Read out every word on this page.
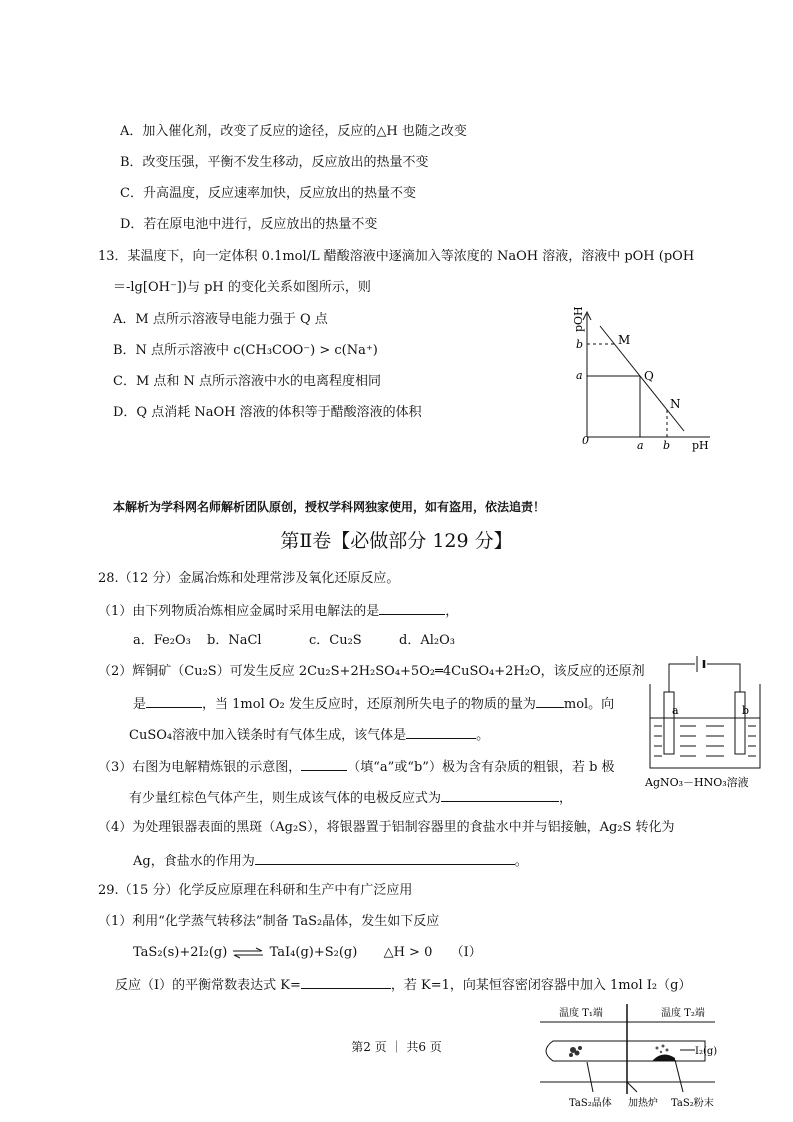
A．加入催化剂，改变了反应的途径，反应的△H 也随之改变
B．改变压强，平衡不发生移动，反应放出的热量不变
C．升高温度，反应速率加快，反应放出的热量不变
D．若在原电池中进行，反应放出的热量不变
13．某温度下，向一定体积 0.1mol/L 醋酸溶液中逐滴加入等浓度的 NaOH 溶液，溶液中 pOH (pOH
＝-lg[OH⁻])与 pH 的变化关系如图所示，则
A．M 点所示溶液导电能力强于 Q 点
B．N 点所示溶液中 c(CH₃COO⁻) > c(Na⁺)
C．M 点和 N 点所示溶液中水的电离程度相同
D．Q 点消耗 NaOH 溶液的体积等于醋酸溶液的体积
pOH
pH
0
a
b
a b
M
Q
N
本解析为学科网名师解析团队原创，授权学科网独家使用，如有盗用，依法追责！
第Ⅱ卷【必做部分 129 分】
28.（12 分）金属冶炼和处理常涉及氧化还原反应。
（1）由下列物质冶炼相应金属时采用电解法的是	，
a．Fe₂O₃ b．NaCl	c．Cu₂S	d．Al₂O₃
（2）辉铜矿（Cu₂S）可发生反应 2Cu₂S+2H₂SO₄+5O₂═4CuSO₄+2H₂O，该反应的还原剂
是	，当 1mol O₂ 发生反应时，还原剂所失电子的物质的量为 mol。向
CuSO₄溶液中加入镁条时有气体生成，该气体是	。
（3）右图为电解精炼银的示意图，	（填“a”或“b”）极为含有杂质的粗银，若 b 极
有少量红棕色气体产生，则生成该气体的电极反应式为	，
（4）为处理银器表面的黑斑（Ag₂S），将银器置于铝制容器里的食盐水中并与铝接触，Ag₂S 转化为
Ag，食盐水的作用为	。
a	b
AgNO₃－HNO₃溶液
29.（15 分）化学反应原理在科研和生产中有广泛应用
（1）利用“化学蒸气转移法”制备 TaS₂晶体，发生如下反应
TaS₂(s)+2I₂(g) ⇌ TaI₄(g)+S₂(g) △H > 0 （I）
反应（I）的平衡常数表达式 K=	，若 K=1，向某恒容密闭容器中加入 1mol I₂（g）
温度 T₁端	温度 T₂端
I₂(g)
TaS₂晶体 加热炉 TaS₂粉末
第2 页 ｜ 共6 页
